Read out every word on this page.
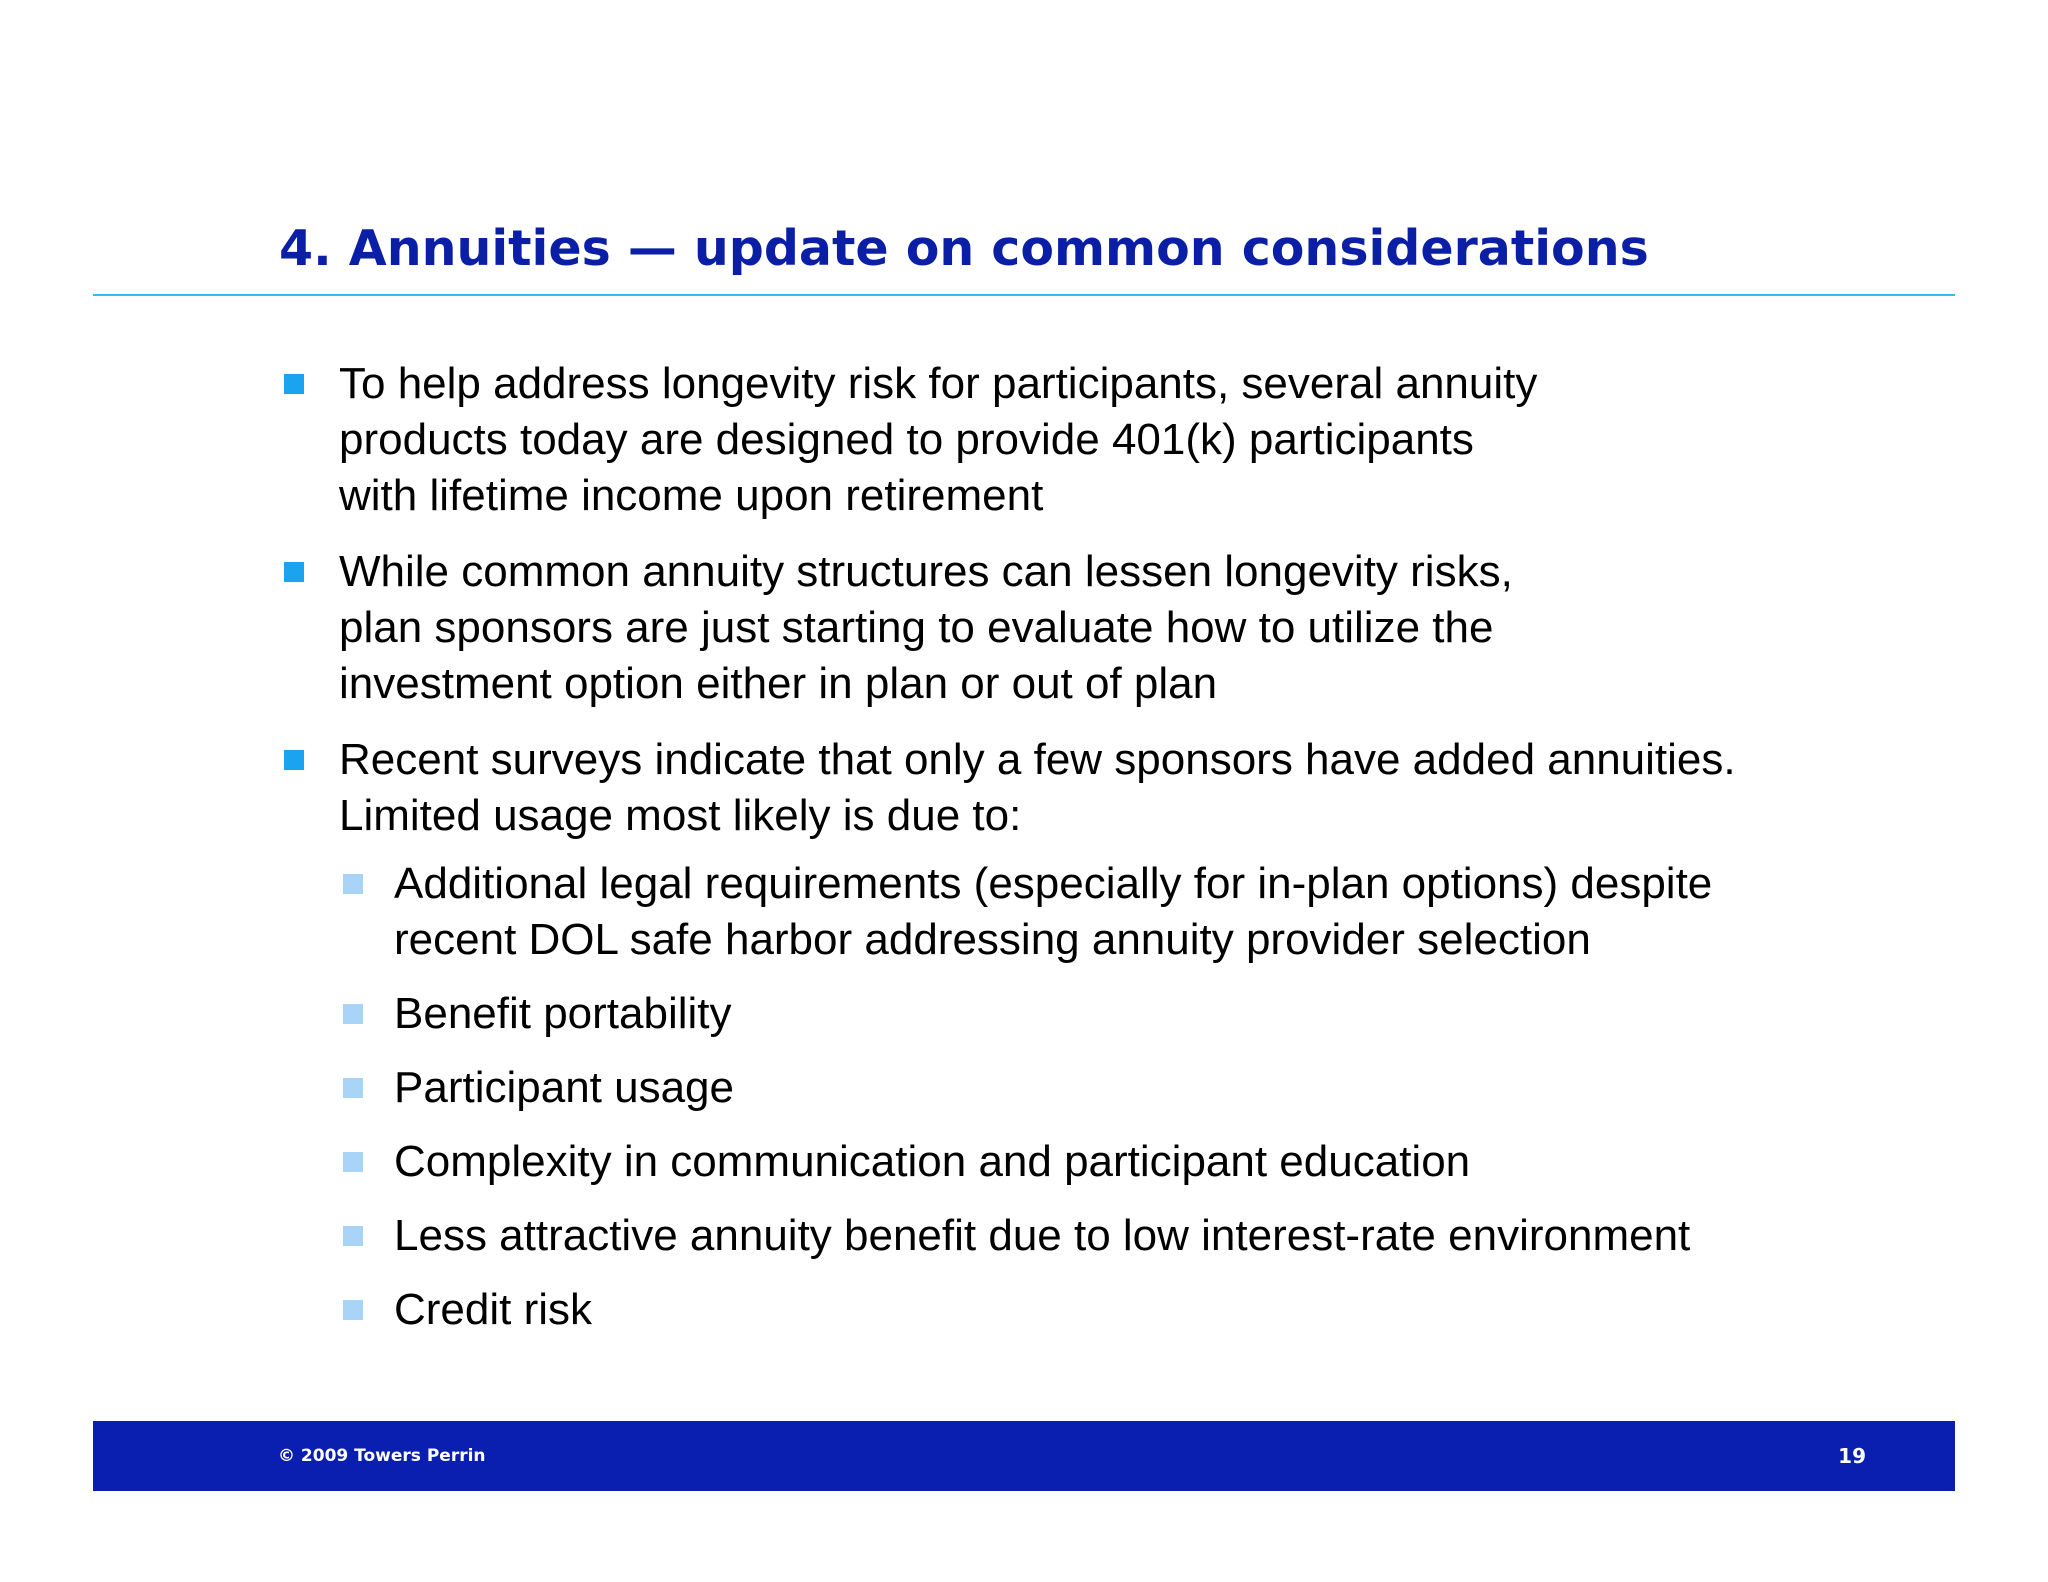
4. Annuities — update on common considerations
To help address longevity risk for participants, several annuity
products today are designed to provide 401(k) participants
with lifetime income upon retirement
While common annuity structures can lessen longevity risks,
plan sponsors are just starting to evaluate how to utilize the
investment option either in plan or out of plan
Recent surveys indicate that only a few sponsors have added annuities.
Limited usage most likely is due to:
Additional legal requirements (especially for in-plan options) despite
recent DOL safe harbor addressing annuity provider selection
Benefit portability
Participant usage
Complexity in communication and participant education
Less attractive annuity benefit due to low interest-rate environment
Credit risk
© 2009 Towers Perrin	19
